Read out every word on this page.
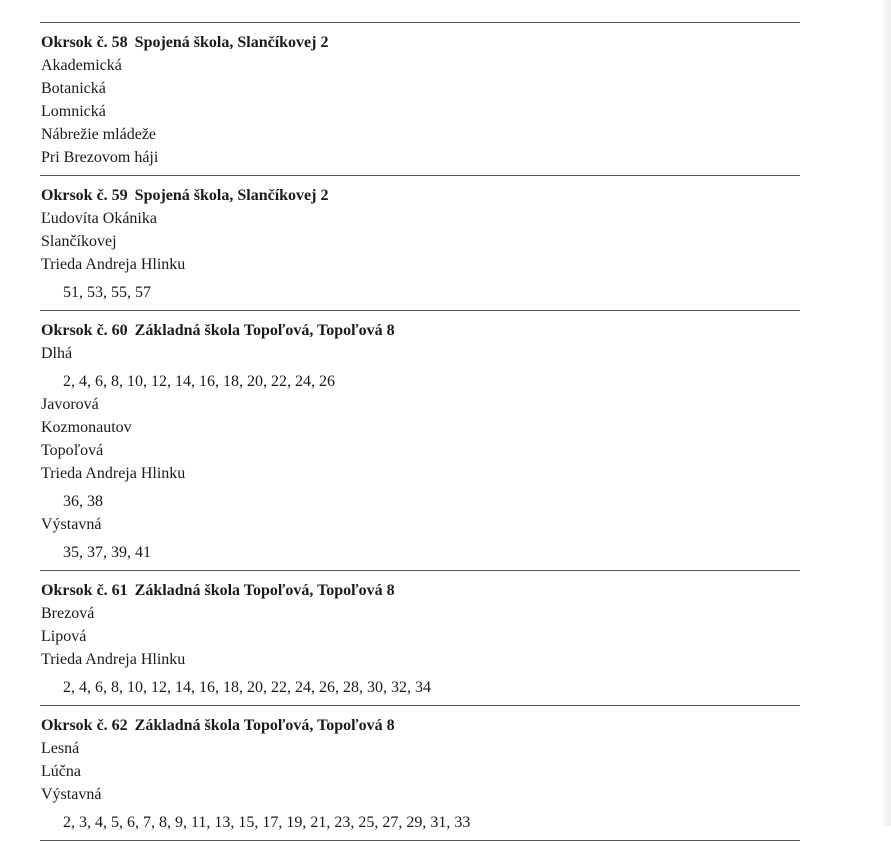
Okrsok č. 58 Spojená škola, Slančíkovej 2
Akademická
Botanická
Lomnická
Nábrežie mládeže
Pri Brezovom háji
Okrsok č. 59 Spojená škola, Slančíkovej 2
Ľudovíta Okánika
Slančíkovej
Trieda Andreja Hlinku
51, 53, 55, 57
Okrsok č. 60 Základná škola Topoľová, Topoľová 8
Dlhá
2, 4, 6, 8, 10, 12, 14, 16, 18, 20, 22, 24, 26
Javorová
Kozmonautov
Topoľová
Trieda Andreja Hlinku
36, 38
Výstavná
35, 37, 39, 41
Okrsok č. 61 Základná škola Topoľová, Topoľová 8
Brezová
Lipová
Trieda Andreja Hlinku
2, 4, 6, 8, 10, 12, 14, 16, 18, 20, 22, 24, 26, 28, 30, 32, 34
Okrsok č. 62 Základná škola Topoľová, Topoľová 8
Lesná
Lúčna
Výstavná
2, 3, 4, 5, 6, 7, 8, 9, 11, 13, 15, 17, 19, 21, 23, 25, 27, 29, 31, 33
